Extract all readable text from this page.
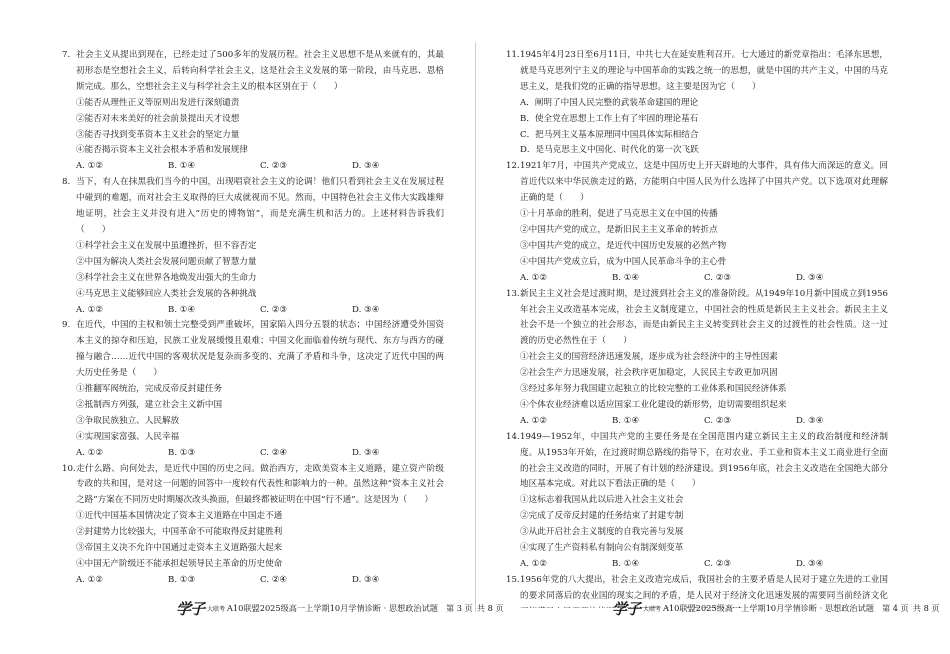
7. 社会主义从提出到现在，已经走过了500多年的发展历程。社会主义思想不是从来就有的，其最初形态是空想社会主义，后转向科学社会主义，这是社会主义发展的第一阶段，由马克思、恩格斯完成。那么，空想社会主义与科学社会主义的根本区别在于（　　）
①能否从理性正义等原则出发进行深刻谴责
②能否对未来美好的社会前景提出天才设想
③能否寻找到变革资本主义社会的坚定力量
④能否揭示资本主义社会根本矛盾和发展规律
A. ①②	B. ①④	C. ②③	D. ③④
8. 当下，有人在抹黑我们当今的中国，出现唱衰社会主义的论调！他们只看到社会主义在发展过程中碰到的难题，而对社会主义取得的巨大成就视而不见。然而，中国特色社会主义伟大实践雄辩地证明，社会主义并没有进入“历史的博物馆”，而是充满生机和活力的。上述材料告诉我们（　　）
①科学社会主义在发展中虽遭挫折，但不容否定
②中国为解决人类社会发展问题贡献了智慧力量
③科学社会主义在世界各地焕发出强大的生命力
④马克思主义能够回应人类社会发展的各种挑战
A. ①②	B. ①④	C. ②③	D. ③④
9. 在近代，中国的主权和领土完整受到严重破坏，国家陷入四分五裂的状态；中国经济遭受外国资本主义的掠夺和压迫，民族工业发展缓慢且艰难；中国文化面临着传统与现代、东方与西方的碰撞与融合……近代中国的客观状况是复杂而多变的、充满了矛盾和斗争，这决定了近代中国的两大历史任务是（　　）
①推翻军阀统治，完成反帝反封建任务
②抵制西方列强，建立社会主义新中国
③争取民族独立、人民解放
④实现国家富强、人民幸福
A. ①②	B. ①③	C. ②④	D. ③④
10.走什么路、向何处去，是近代中国的历史之问。做治西方，走欧美资本主义道路，建立资产阶级专政的共和国，是对这一问题的回答中一度较有代表性和影响力的一种。虽然这种“资本主义社会之路”方案在不同历史时期屡次改头换面，但最终都被证明在中国“行不通”。这是因为（　　）
①近代中国基本国情决定了资本主义道路在中国走不通
②封建势力比较强大，中国革命不可能取得反封建胜利
③帝国主义决不允许中国通过走资本主义道路强大起来
④中国无产阶级还不能承担起领导民主革命的历史使命
A. ①②	B. ①③	C. ②④	D. ③④
11.1945年4月23日至6月11日，中共七大在延安胜利召开。七大通过的新党章指出：毛泽东思想，就是马克思列宁主义的理论与中国革命的实践之统一的思想，就是中国的共产主义，中国的马克思主义，是我们党的正确的指导思想。这主要是因为它（　　）
A．阐明了中国人民完整的武装革命建国的理论
B．使全党在思想上工作上有了牢固的理论基石
C．把马列主义基本原理同中国具体实际相结合
D．是马克思主义中国化、时代化的第一次飞跃
12.1921年7月，中国共产党成立，这是中国历史上开天辟地的大事件，具有伟大而深远的意义。回首近代以来中华民族走过的路，方能明白中国人民为什么选择了中国共产党。以下选项对此理解正确的是（　　）
①十月革命的胜利，促进了马克思主义在中国的传播
②中国共产党的成立，是新旧民主主义革命的转折点
③中国共产党的成立，是近代中国历史发展的必然产物
④中国共产党成立后，成为中国人民革命斗争的主心骨
A. ①②	B. ①④	C. ②③	D. ③④
13.新民主主义社会是过渡时期，是过渡到社会主义的准备阶段。从1949年10月新中国成立到1956年社会主义改造基本完成，社会主义制度建立，中国社会的性质是新民主主义社会。新民主主义社会不是一个独立的社会形态，而是由新民主主义转变到社会主义的过渡性的社会性质。这一过渡的历史必然性在于（　　）
①社会主义的国营经济迅速发展，逐步成为社会经济中的主导性因素
②社会生产力迅速发展，社会秩序更加稳定，人民民主专政更加巩固
③经过多年努力我国建立起独立的比较完整的工业体系和国民经济体系
④个体农业经济难以适应国家工业化建设的新形势，迫切需要组织起来
A. ①②	B. ①④	C. ②③	D. ③④
14.1949—1952年，中国共产党的主要任务是在全国范围内建立新民主主义的政治制度和经济制度。从1953年开始，在过渡时期总路线的指导下，在对农业、手工业和资本主义工商业进行全面的社会主义改造的同时，开展了有计划的经济建设。到1956年底，社会主义改造在全国绝大部分地区基本完成。对此以下看法正确的是（　　）
①这标志着我国从此以后进入社会主义社会
②完成了反帝反封建的任务结束了封建专制
③从此开启社会主义制度的自我完善与发展
④实现了生产资料私有制向公有制深刻变革
A. ①②	B. ①④	C. ②③	D. ③④
15.1956年党的八大提出，社会主义改造完成后，我国社会的主要矛盾是人民对于建立先进的工业国的要求同落后的农业国的现实之间的矛盾，是人民对于经济文化迅速发展的需要同当前经济文化　　
学子 大联考 A10联盟2025级高一上学期10月学情诊断 · 思想政治试题 第 3 页 共 8 页	学子 大联考 A10联盟2025级高一上学期10月学情诊断 · 思想政治试题 第 4 页 共 8 页
